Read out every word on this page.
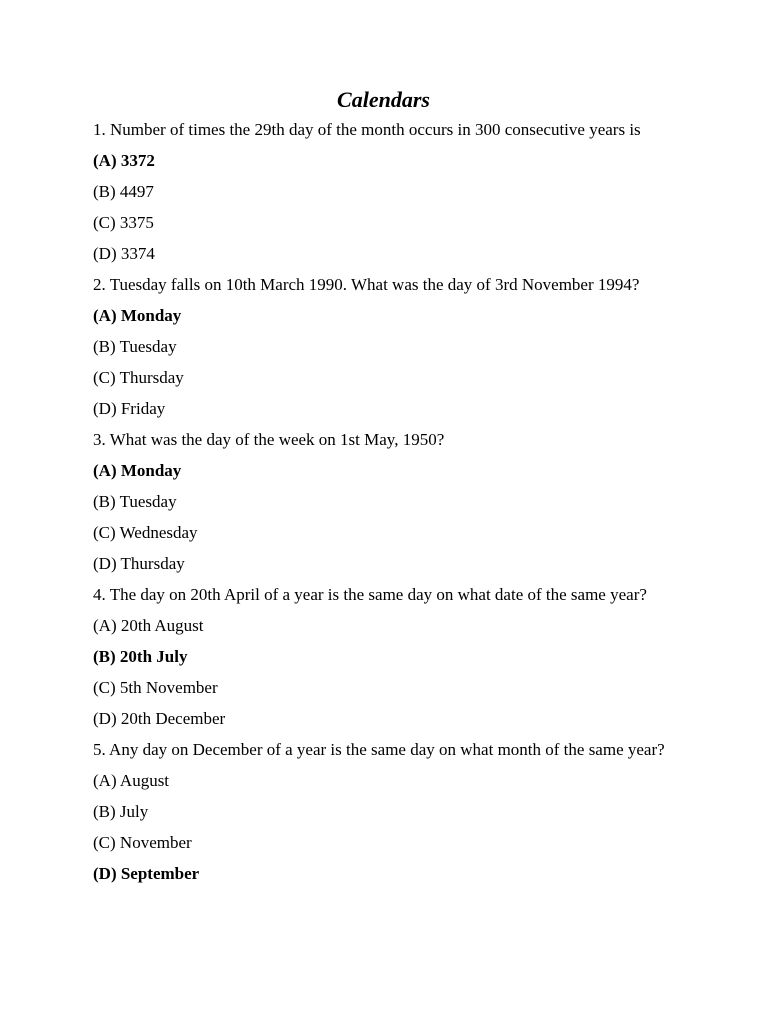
Calendars
1. Number of times the 29th day of the month occurs in 300 consecutive years is
(A) 3372
(B) 4497
(C) 3375
(D) 3374
2. Tuesday falls on 10th March 1990. What was the day of 3rd November 1994?
(A) Monday
(B) Tuesday
(C) Thursday
(D) Friday
3. What was the day of the week on 1st May, 1950?
(A) Monday
(B) Tuesday
(C) Wednesday
(D) Thursday
4. The day on 20th April of a year is the same day on what date of the same year?
(A) 20th August
(B) 20th July
(C) 5th November
(D) 20th December
5. Any day on December of a year is the same day on what month of the same year?
(A) August
(B) July
(C) November
(D) September
